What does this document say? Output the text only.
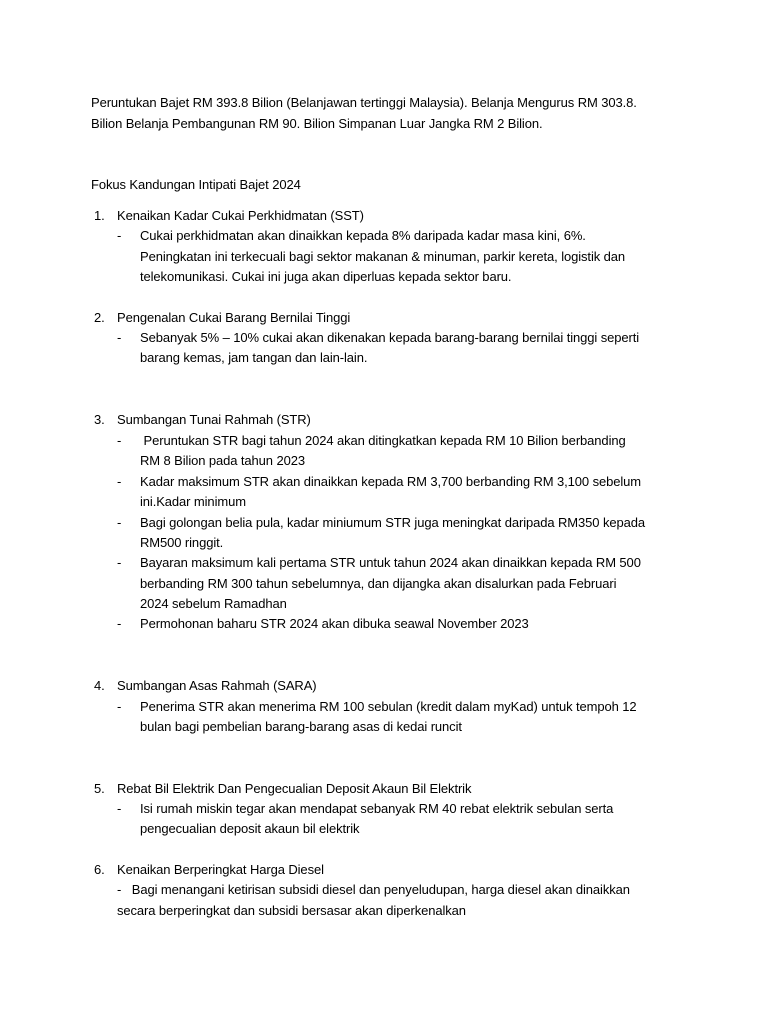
Peruntukan Bajet RM 393.8 Bilion (Belanjawan tertinggi Malaysia). Belanja Mengurus RM 303.8.
Bilion Belanja Pembangunan RM 90. Bilion Simpanan Luar Jangka RM 2 Bilion.
Fokus Kandungan Intipati Bajet 2024
1. Kenaikan Kadar Cukai Perkhidmatan (SST)
- Cukai perkhidmatan akan dinaikkan kepada 8% daripada kadar masa kini, 6%.
Peningkatan ini terkecuali bagi sektor makanan & minuman, parkir kereta, logistik dan
telekomunikasi. Cukai ini juga akan diperluas kepada sektor baru.
2. Pengenalan Cukai Barang Bernilai Tinggi
- Sebanyak 5% – 10% cukai akan dikenakan kepada barang-barang bernilai tinggi seperti
barang kemas, jam tangan dan lain-lain.
3. Sumbangan Tunai Rahmah (STR)
- Peruntukan STR bagi tahun 2024 akan ditingkatkan kepada RM 10 Bilion berbanding
RM 8 Bilion pada tahun 2023
- Kadar maksimum STR akan dinaikkan kepada RM 3,700 berbanding RM 3,100 sebelum
ini.Kadar minimum
- Bagi golongan belia pula, kadar miniumum STR juga meningkat daripada RM350 kepada
RM500 ringgit.
- Bayaran maksimum kali pertama STR untuk tahun 2024 akan dinaikkan kepada RM 500
berbanding RM 300 tahun sebelumnya, dan dijangka akan disalurkan pada Februari
2024 sebelum Ramadhan
- Permohonan baharu STR 2024 akan dibuka seawal November 2023
4. Sumbangan Asas Rahmah (SARA)
- Penerima STR akan menerima RM 100 sebulan (kredit dalam myKad) untuk tempoh 12
bulan bagi pembelian barang-barang asas di kedai runcit
5. Rebat Bil Elektrik Dan Pengecualian Deposit Akaun Bil Elektrik
- Isi rumah miskin tegar akan mendapat sebanyak RM 40 rebat elektrik sebulan serta
pengecualian deposit akaun bil elektrik
6. Kenaikan Berperingkat Harga Diesel
-   Bagi menangani ketirisan subsidi diesel dan penyeludupan, harga diesel akan dinaikkan
secara berperingkat dan subsidi bersasar akan diperkenalkan
